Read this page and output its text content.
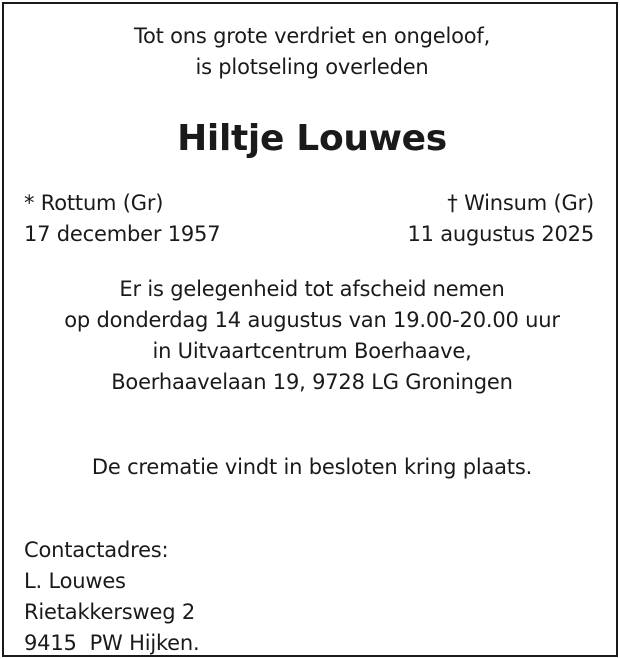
Tot ons grote verdriet en ongeloof,
is plotseling overleden
Hiltje Louwes
* Rottum (Gr)
17 december 1957
† Winsum (Gr)
11 augustus 2025
Er is gelegenheid tot afscheid nemen
op donderdag 14 augustus van 19.00-20.00 uur
in Uitvaartcentrum Boerhaave,
Boerhaavelaan 19, 9728 LG Groningen
De crematie vindt in besloten kring plaats.
Contactadres:
L. Louwes
Rietakkersweg 2
9415  PW Hijken.
